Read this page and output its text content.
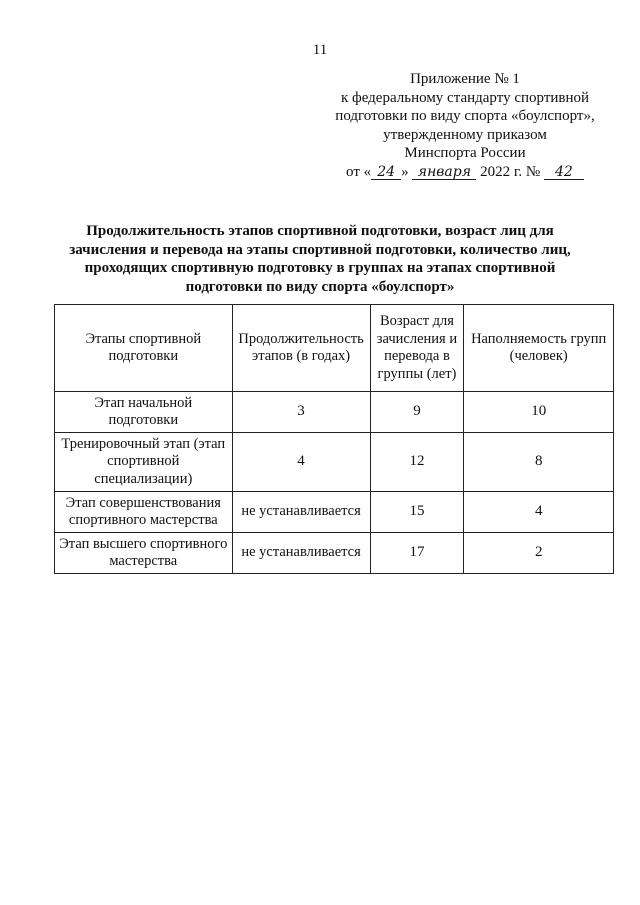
11
Приложение № 1
к федеральному стандарту спортивной
подготовки по виду спорта «боулспорт»,
утвержденному приказом
Минспорта России
от « 24 » января 2022 г. № 42
Продолжительность этапов спортивной подготовки, возраст лиц для
зачисления и перевода на этапы спортивной подготовки, количество лиц,
проходящих спортивную подготовку в группах на этапах спортивной
подготовки по виду спорта «боулспорт»
Этапы спортивной подготовки	Продолжительность этапов (в годах)	Возраст для зачисления и перевода в группы (лет)	Наполняемость групп (человек)
Этап начальной подготовки	3	9	10
Тренировочный этап (этап спортивной специализации)	4	12	8
Этап совершенствования спортивного мастерства	не устанавливается	15	4
Этап высшего спортивного мастерства	не устанавливается	17	2
